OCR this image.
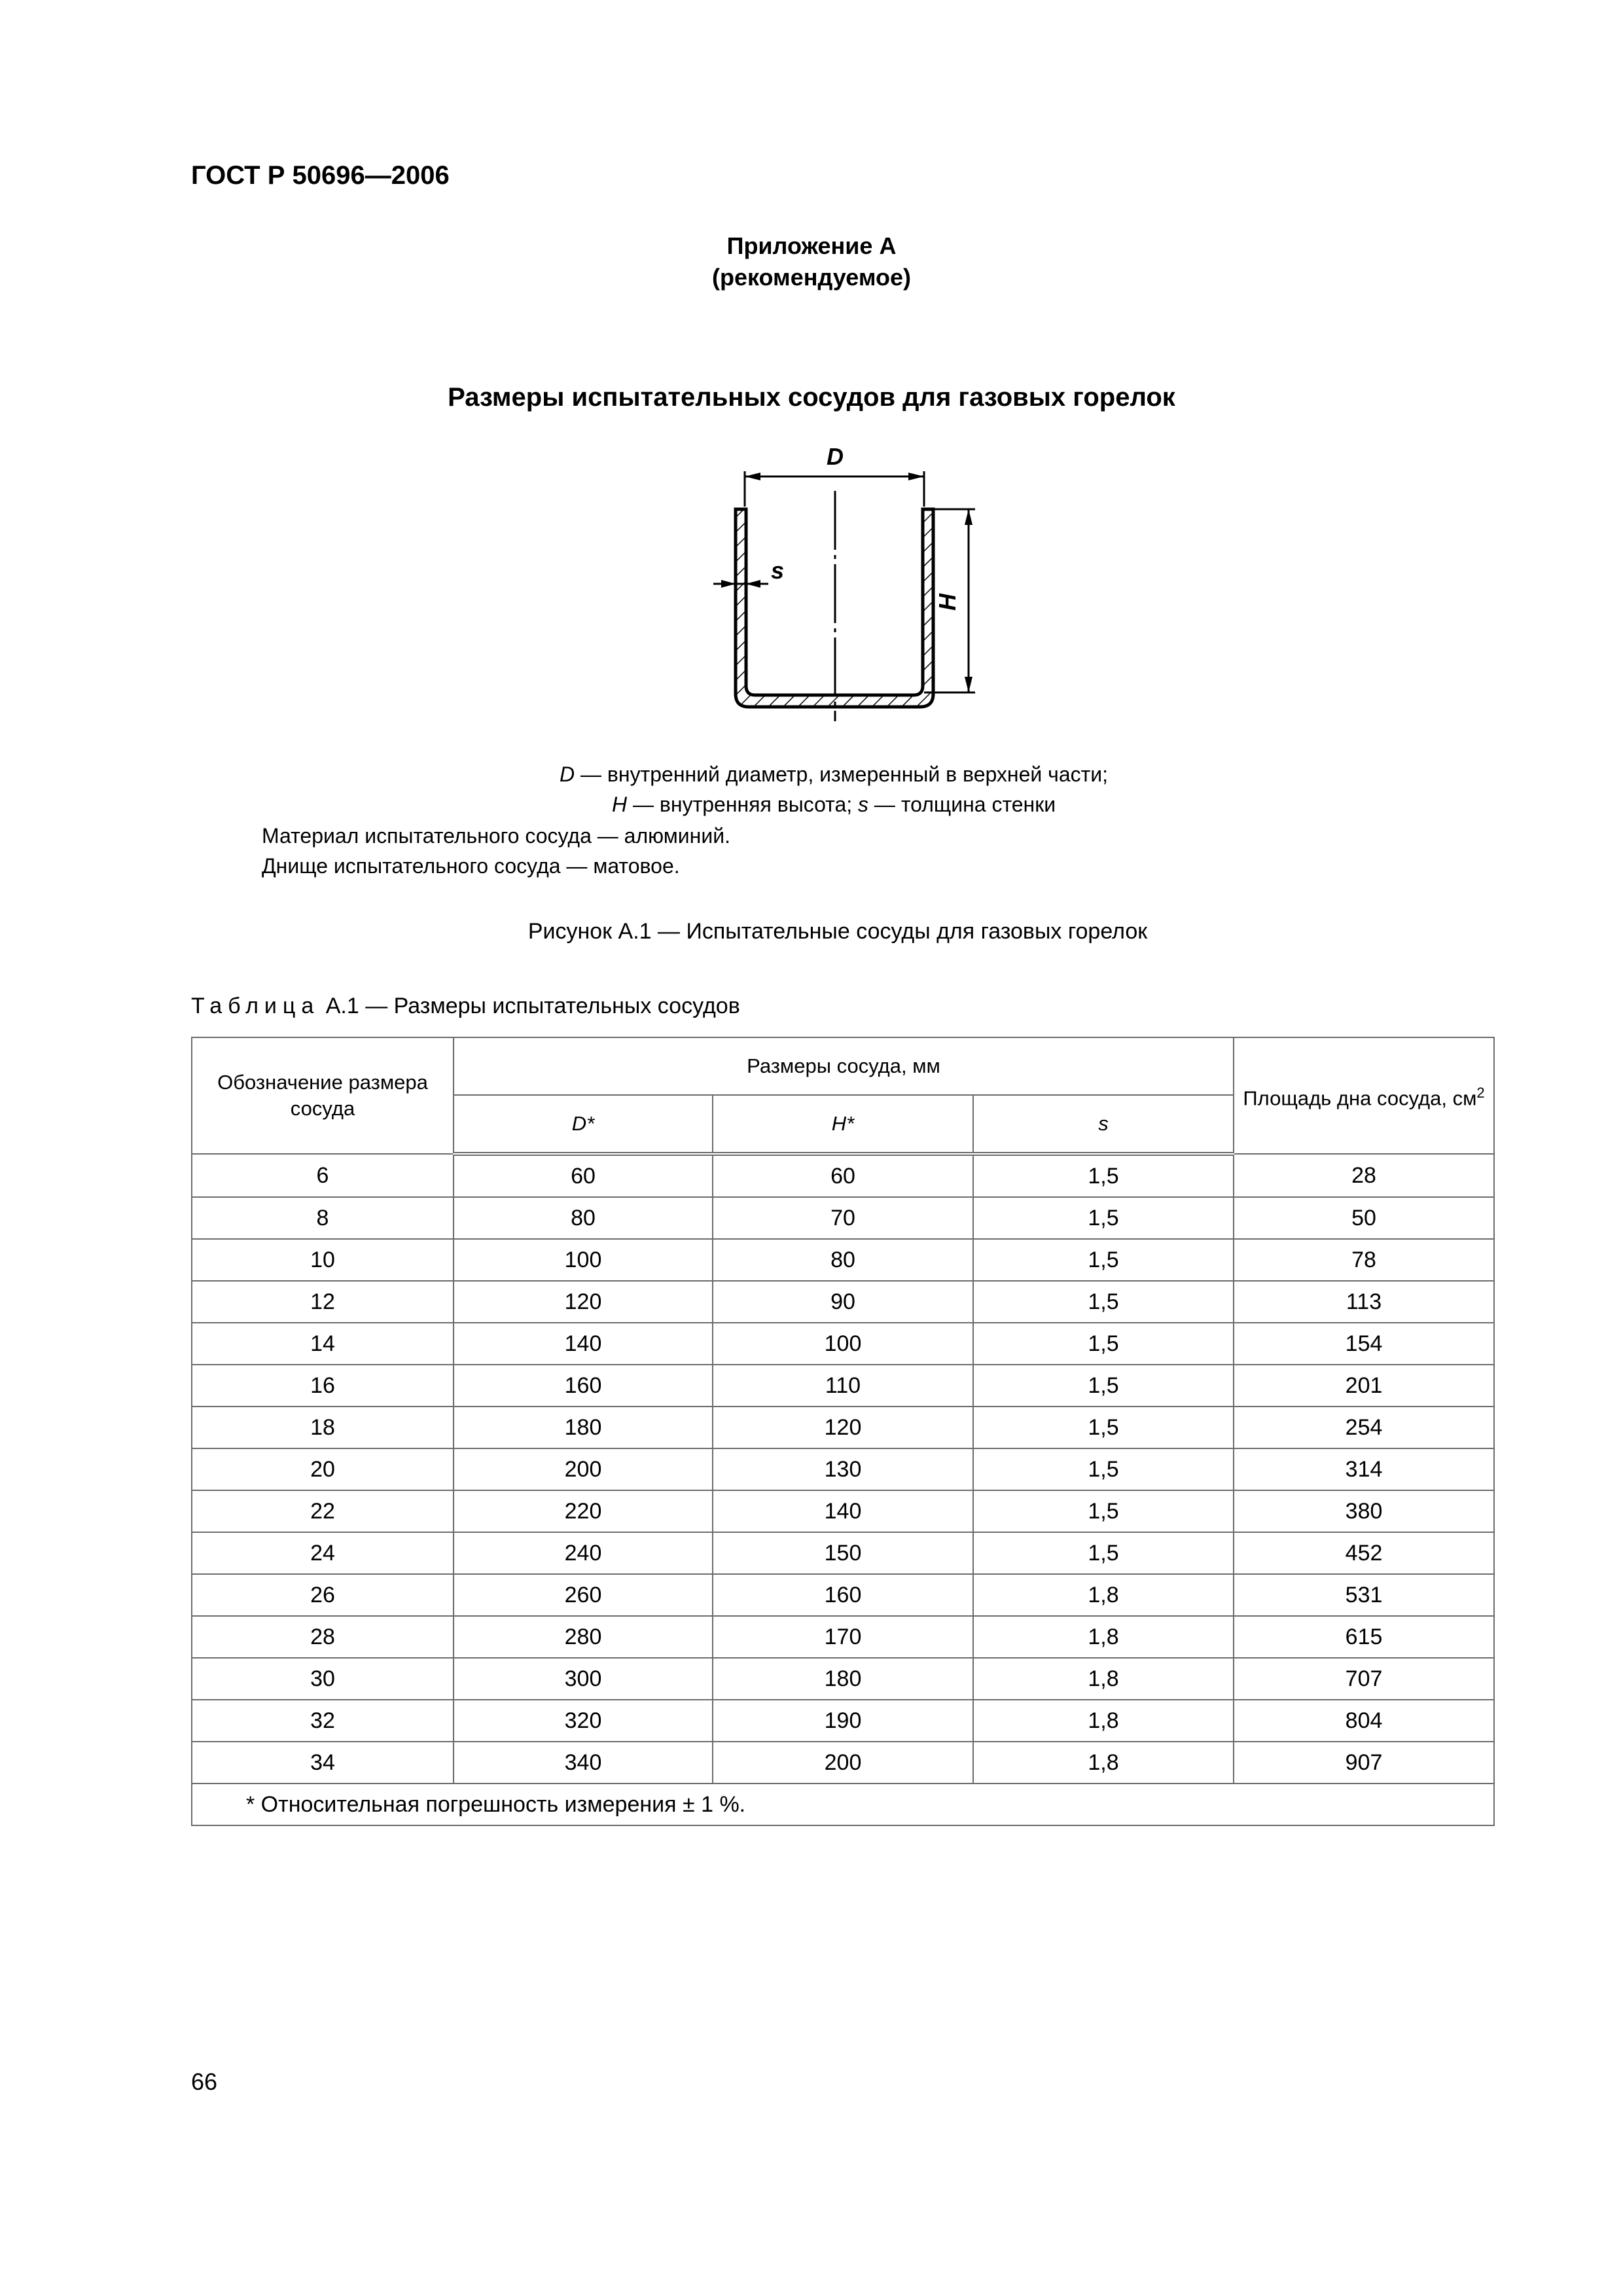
ГОСТ Р 50696—2006
Приложение А
(рекомендуемое)
Размеры испытательных сосудов для газовых горелок
D
s
H
D — внутренний диаметр, измеренный в верхней части;
H — внутренняя высота; s — толщина стенки
Материал испытательного сосуда — алюминий.
Днище испытательного сосуда — матовое.
Рисунок А.1 — Испытательные сосуды для газовых горелок
Таблица А.1 — Размеры испытательных сосудов
Обозначение размера сосуда	Размеры сосуда, мм			Площадь дна сосуда, $см^2$
	D*	H*	s	
6	60	60	1,5	28
8	80	70	1,5	50
10	100	80	1,5	78
12	120	90	1,5	113
14	140	100	1,5	154
16	160	110	1,5	201
18	180	120	1,5	254
20	200	130	1,5	314
22	220	140	1,5	380
24	240	150	1,5	452
26	260	160	1,8	531
28	280	170	1,8	615
30	300	180	1,8	707
32	320	190	1,8	804
34	340	200	1,8	907
* Относительная погрешность измерения ± 1 %.				
66
